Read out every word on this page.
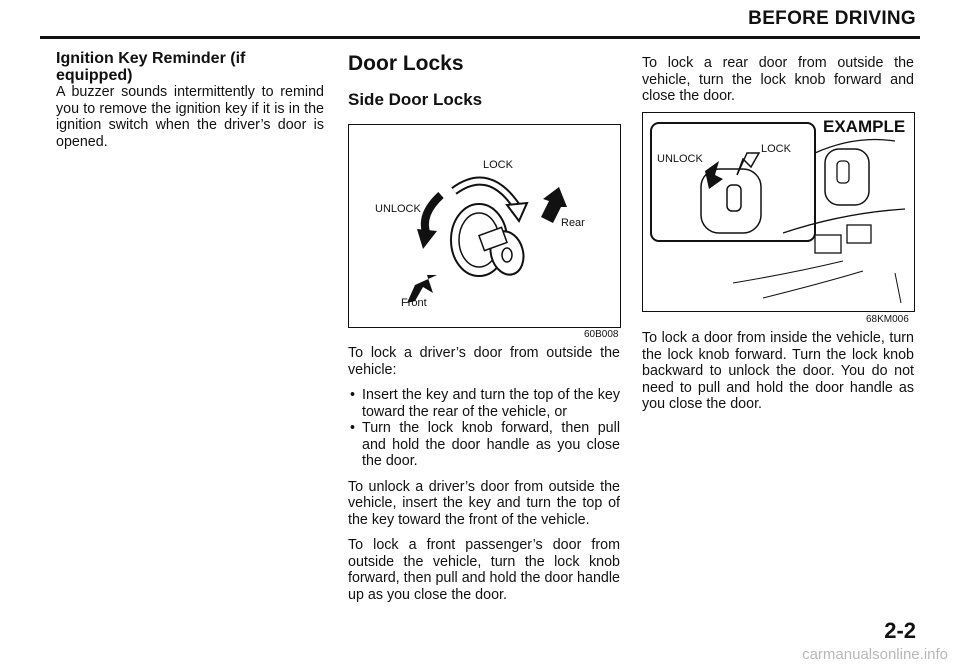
BEFORE DRIVING

Ignition Key Reminder (if equipped)

A buzzer sounds intermittently to remind you to remove the ignition key if it is in the ignition switch when the driver’s door is opened.

Door Locks
Side Door Locks
LOCK
UNLOCK
Rear
Front
60B008

To lock a driver’s door from outside the vehicle:

• Insert the key and turn the top of the key toward the rear of the vehicle, or
• Turn the lock knob forward, then pull and hold the door handle as you close the door.

To unlock a driver’s door from outside the vehicle, insert the key and turn the top of the key toward the front of the vehicle.

To lock a front passenger’s door from outside the vehicle, turn the lock knob forward, then pull and hold the door handle up as you close the door.

To lock a rear door from outside the vehicle, turn the lock knob forward and close the door.

EXAMPLE
UNLOCK
LOCK
68KM006

To lock a door from inside the vehicle, turn the lock knob forward. Turn the lock knob backward to unlock the door. You do not need to pull and hold the door handle as you close the door.

2-2
carmanualsonline.info
